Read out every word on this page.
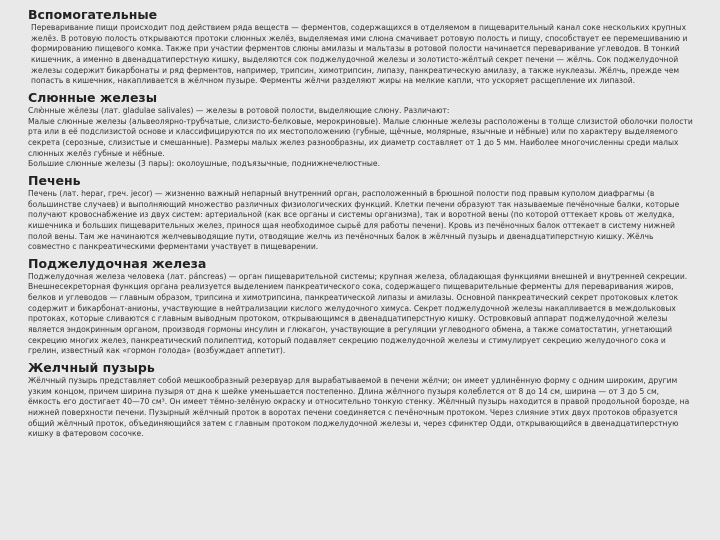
Вспомогательные

Переваривание пищи происходит под действием ряда веществ — ферментов, содержащихся в отделяемом в пищеварительный канал соке нескольких крупных желёз. В ротовую полость открываются протоки слюнных желёз, выделяемая ими слюна смачивает ротовую полость и пищу, способствует ее перемешиванию и формированию пищевого комка. Также при участии ферментов слюны амилазы и мальтазы в ротовой полости начинается переваривание углеводов. В тонкий кишечник, а именно в двенадцатиперстную кишку, выделяются сок поджелудочной железы и золотисто-жёлтый секрет печени — жёлчь. Сок поджелудочной железы содержит бикарбонаты и ряд ферментов, например, трипсин, химотрипсин, липазу, панкреатическую амилазу, а также нуклеазы. Жёлчь, прежде чем попасть в кишечник, накапливается в жёлчном пузыре. Ферменты жёлчи разделяют жиры на мелкие капли, что ускоряет расщепление их липазой.

Слюнные железы

Слю́нные жёлезы (лат. gladulae salivales) — железы в ротовой полости, выделяющие слюну. Различают:

Малые слюнные железы (альвеолярно-трубчатые, слизисто-белковые, мерокриновые). Малые слюнные железы расположены в толще слизистой оболочки полости рта или в её подслизистой основе и классифицируются по их местоположению (губные, щёчные, молярные, язычные и нёбные) или по характеру выделяемого секрета (серозные, слизистые и смешанные). Размеры малых желез разнообразны, их диаметр составляет от 1 до 5 мм. Наиболее многочисленны среди малых слюнных желёз губные и нёбные.

Большие слюнные железы (3 пары): околоушные, подъязычные, поднижнечелюстные.

Печень

Печень (лат. hepar, греч. jecor) — жизненно важный непарный внутренний орган, расположенный в брюшной полости под правым куполом диафрагмы (в большинстве случаев) и выполняющий множество различных физиологических функций. Клетки печени образуют так называемые печёночные балки, которые получают кровоснабжение из двух систем: артериальной (как все органы и системы организма), так и воротной вены (по которой оттекает кровь от желудка, кишечника и больших пищеварительных желез, принося щая необходимое сырьё для работы печени). Кровь из печёночных балок оттекает в систему нижней полой вены. Там же начинаются желчевыводящие пути, отводящие желчь из печёночных балок в жёлчный пузырь и двенадцатиперстную кишку. Жёлчь совместно с панкреатическими ферментами участвует в пищеварении.

Поджелудочная железа

Поджелудочная железа человека (лат. páncreas) — орган пищеварительной системы; крупная железа, обладающая функциями внешней и внутренней секреции. Внешнесекреторная функция органа реализуется выделением панкреатического сока, содержащего пищеварительные ферменты для переваривания жиров, белков и углеводов — главным образом, трипсина и химотрипсина, панкреатической липазы и амилазы. Основной панкреатический секрет протоковых клеток содержит и бикарбонат-анионы, участвующие в нейтрализации кислого желудочного химуса. Секрет поджелудочной железы накапливается в междольковых протоках, которые сливаются с главным выводным протоком, открывающимся в двенадцатиперстную кишку. Островковый аппарат поджелудочной железы является эндокринным органом, производя гормоны инсулин и глюкагон, участвующие в регуляции углеводного обмена, а также соматостатин, угнетающий секрецию многих желез, панкреатический полипептид, который подавляет секрецию поджелудочной железы и стимулирует секрецию желудочного сока и грелин, известный как «гормон голода» (возбуждает аппетит).

Желчный пузырь

Жёлчный пузырь представляет собой мешкообразный резервуар для вырабатываемой в печени жёлчи; он имеет удлинённую форму с одним широким, другим узким концом, причем ширина пузыря от дна к шейке уменьшается постепенно. Длина жёлчного пузыря колеблется от 8 до 14 см, ширина — от 3 до 5 см, ёмкость его достигает 40—70 см³. Он имеет тёмно-зелёную окраску и относительно тонкую стенку. Жёлчный пузырь находится в правой продольной борозде, на нижней поверхности печени. Пузырный жёлчный проток в воротах печени соединяется с печёночным протоком. Через слияние этих двух протоков образуется общий жёлчный проток, объединяющийся затем с главным протоком поджелудочной железы и, через сфинктер Одди, открывающийся в двенадцатиперстную кишку в фатеровом сосочке.
